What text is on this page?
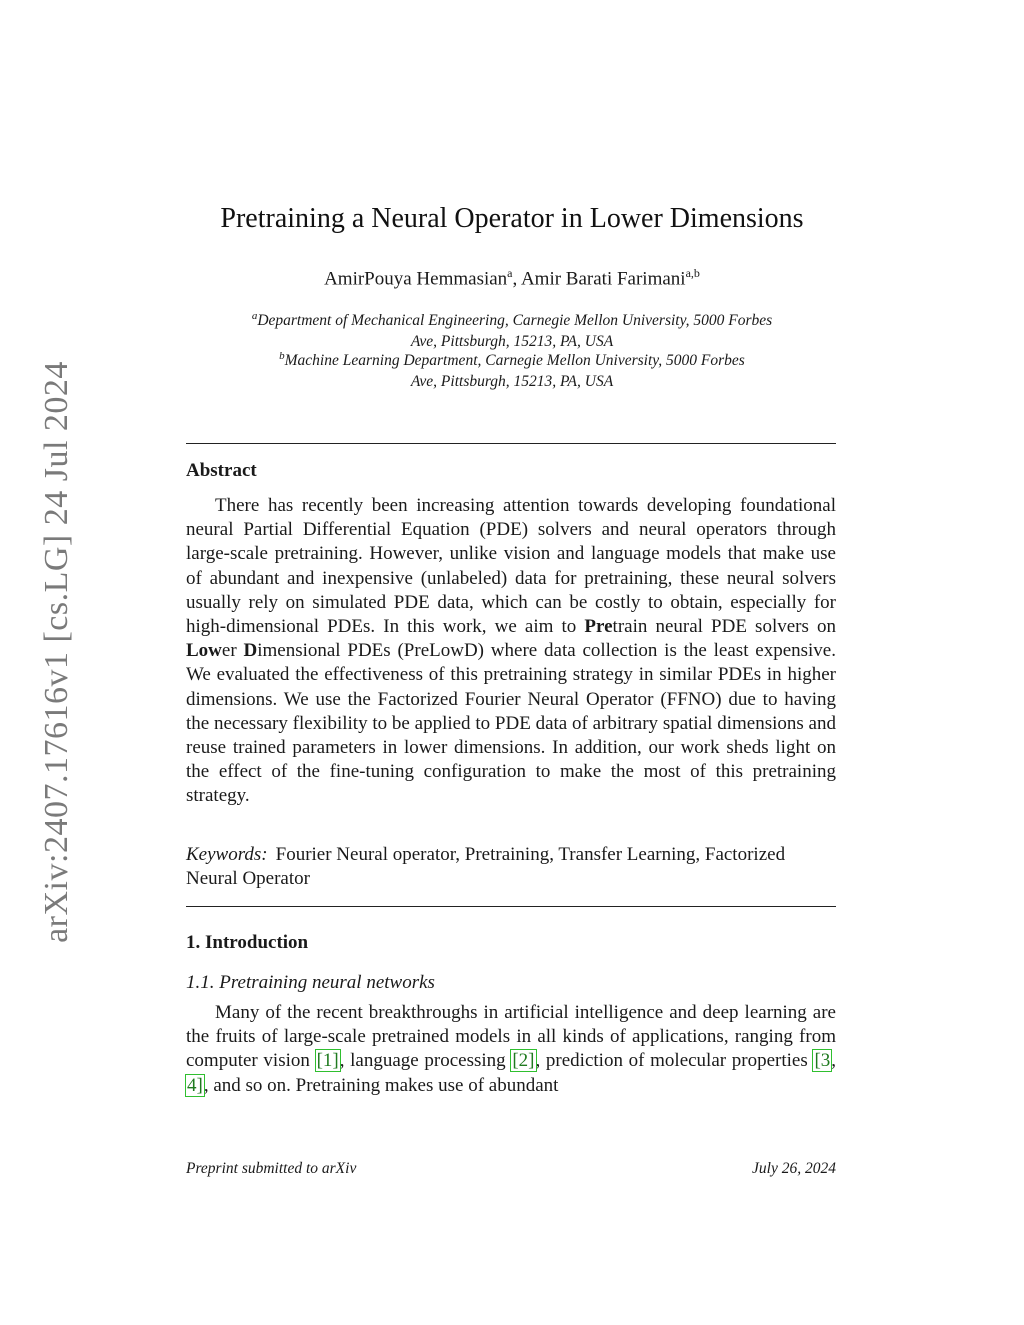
arXiv:2407.17616v1 [cs.LG] 24 Jul 2024
Pretraining a Neural Operator in Lower Dimensions
AmirPouya Hemmasian$^a$, Amir Barati Farimani$^{a,b}$
$^a$Department of Mechanical Engineering, Carnegie Mellon University, 5000 Forbes
Ave, Pittsburgh, 15213, PA, USA
$^b$Machine Learning Department, Carnegie Mellon University, 5000 Forbes
Ave, Pittsburgh, 15213, PA, USA
Abstract
There has recently been increasing attention towards developing foundational neural Partial Differential Equation (PDE) solvers and neural operators through large-scale pretraining. However, unlike vision and language models that make use of abundant and inexpensive (unlabeled) data for pretraining, these neural solvers usually rely on simulated PDE data, which can be costly to obtain, especially for high-dimensional PDEs. In this work, we aim to Pretrain neural PDE solvers on Lower Dimensional PDEs (PreLowD) where data collection is the least expensive. We evaluated the effectiveness of this pretraining strategy in similar PDEs in higher dimensions. We use the Factorized Fourier Neural Operator (FFNO) due to having the necessary flexibility to be applied to PDE data of arbitrary spatial dimensions and reuse trained parameters in lower dimensions. In addition, our work sheds light on the effect of the fine-tuning configuration to make the most of this pretraining strategy.
Keywords: Fourier Neural operator, Pretraining, Transfer Learning, Factorized Neural Operator
1. Introduction
1.1. Pretraining neural networks
Many of the recent breakthroughs in artificial intelligence and deep learning are the fruits of large-scale pretrained models in all kinds of applications, ranging from computer vision [1], language processing [2], prediction of molecular properties [3, 4], and so on. Pretraining makes use of abundant
Preprint submitted to arXiv	July 26, 2024
